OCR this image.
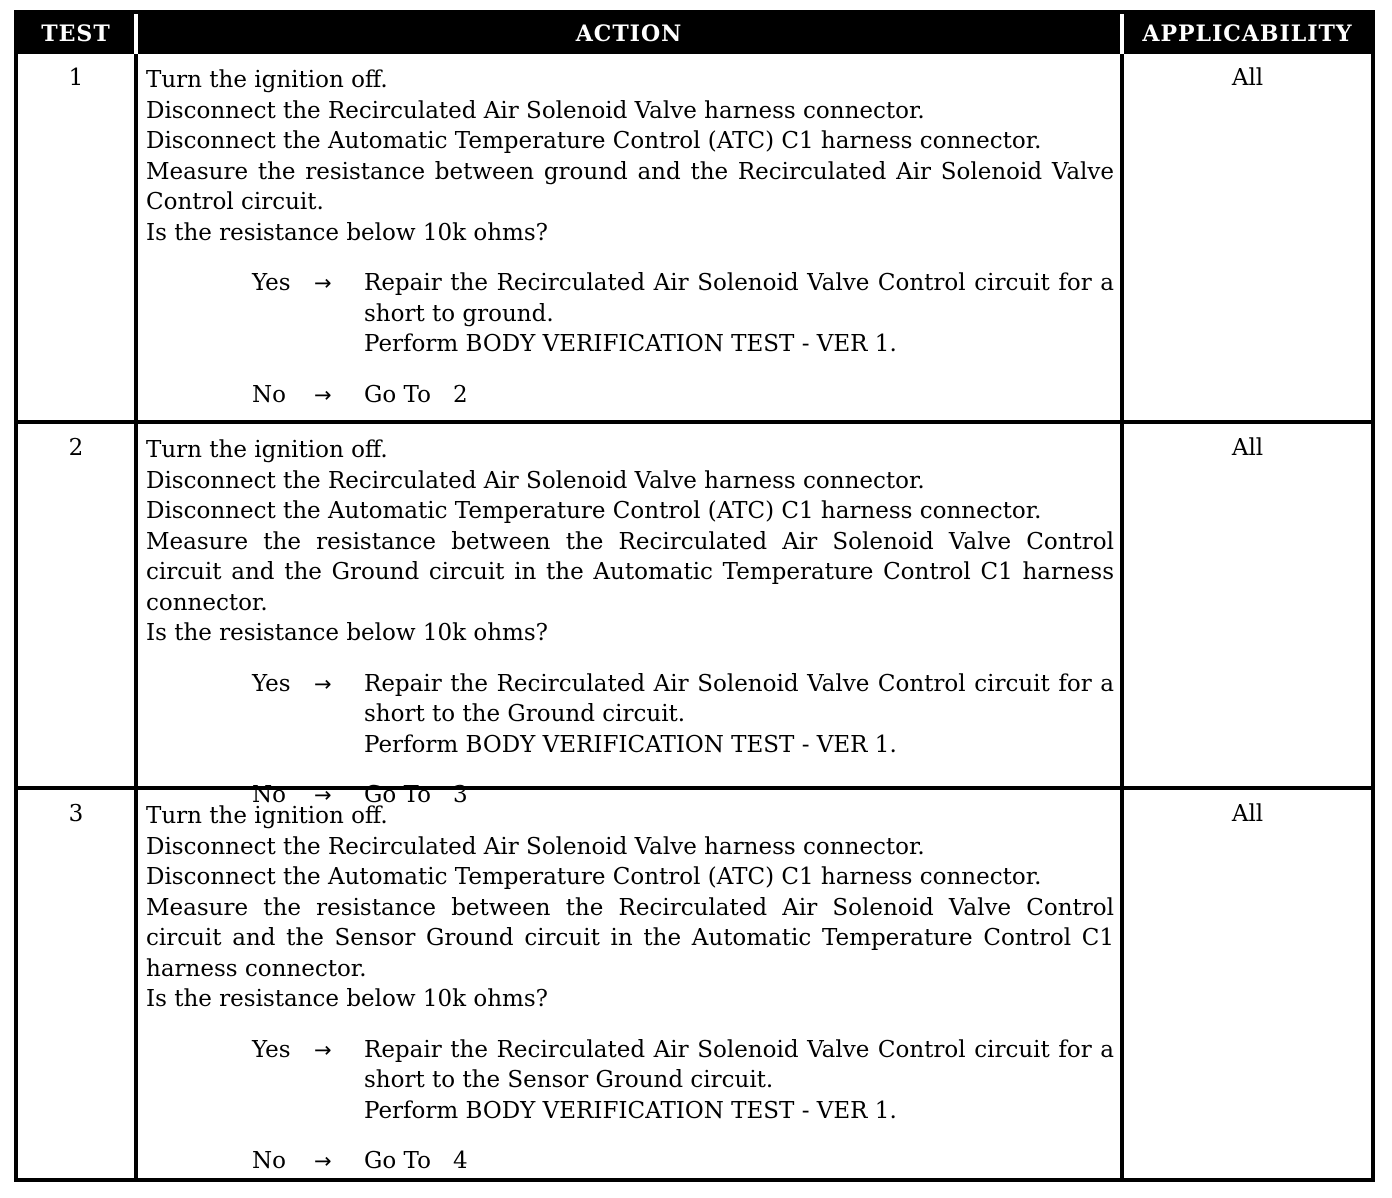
TEST	ACTION	APPLICABILITY
1	Turn the ignition off.

Disconnect the Recirculated Air Solenoid Valve harness connector.

Disconnect the Automatic Temperature Control (ATC) C1 harness connector.

Measure the resistance between ground and the Recirculated Air Solenoid Valve Control circuit.

Is the resistance below 10k ohms?

Yes	→	Repair the Recirculated Air Solenoid Valve Control circuit for a short to ground.

Perform BODY VERIFICATION TEST - VER 1.

No	→	Go To 2
All
2	Turn the ignition off.

Disconnect the Recirculated Air Solenoid Valve harness connector.

Disconnect the Automatic Temperature Control (ATC) C1 harness connector.

Measure the resistance between the Recirculated Air Solenoid Valve Control circuit and the Ground circuit in the Automatic Temperature Control C1 harness connector.

Is the resistance below 10k ohms?

Yes	→	Repair the Recirculated Air Solenoid Valve Control circuit for a short to the Ground circuit.

Perform BODY VERIFICATION TEST - VER 1.

No	→	Go To 3
All
3	Turn the ignition off.

Disconnect the Recirculated Air Solenoid Valve harness connector.

Disconnect the Automatic Temperature Control (ATC) C1 harness connector.

Measure the resistance between the Recirculated Air Solenoid Valve Control circuit and the Sensor Ground circuit in the Automatic Temperature Control C1 harness connector.

Is the resistance below 10k ohms?

Yes	→	Repair the Recirculated Air Solenoid Valve Control circuit for a short to the Sensor Ground circuit.

Perform BODY VERIFICATION TEST - VER 1.

No	→	Go To 4
All
